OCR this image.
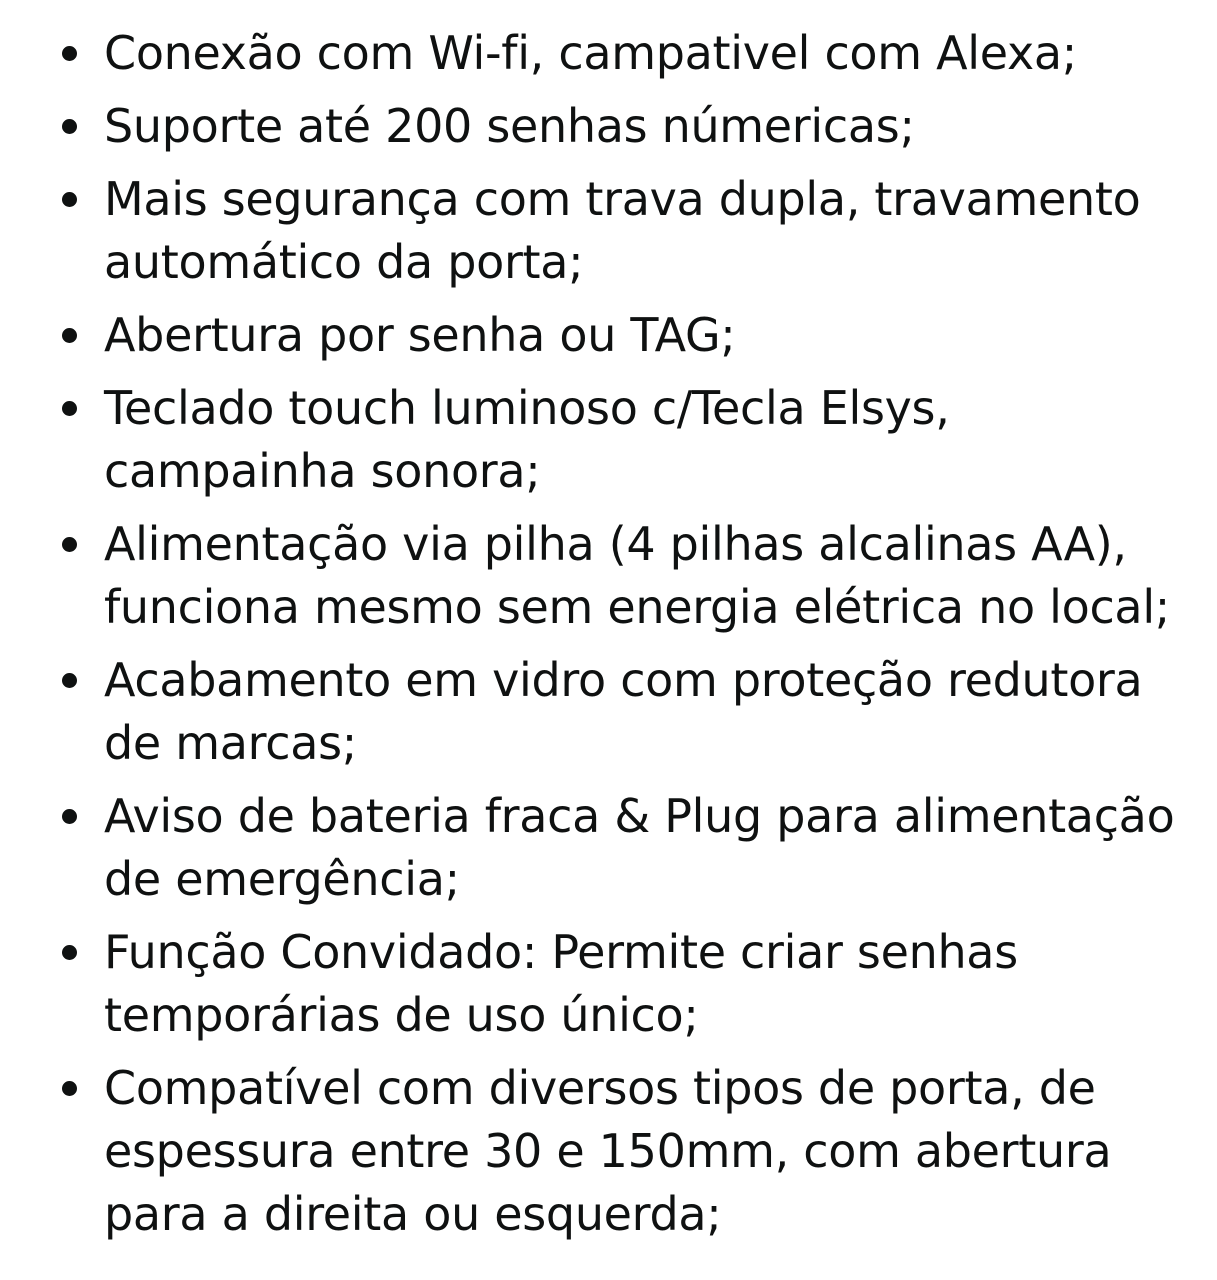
Conexão com Wi-fi, campativel com Alexa;
Suporte até 200 senhas númericas;
Mais segurança com trava dupla, travamento
automático da porta;
Abertura por senha ou TAG;
Teclado touch luminoso c/Tecla Elsys,
campainha sonora;
Alimentação via pilha (4 pilhas alcalinas AA),
funciona mesmo sem energia elétrica no local;
Acabamento em vidro com proteção redutora
de marcas;
Aviso de bateria fraca & Plug para alimentação
de emergência;
Função Convidado: Permite criar senhas
temporárias de uso único;
Compatível com diversos tipos de porta, de
espessura entre 30 e 150mm, com abertura
para a direita ou esquerda;
